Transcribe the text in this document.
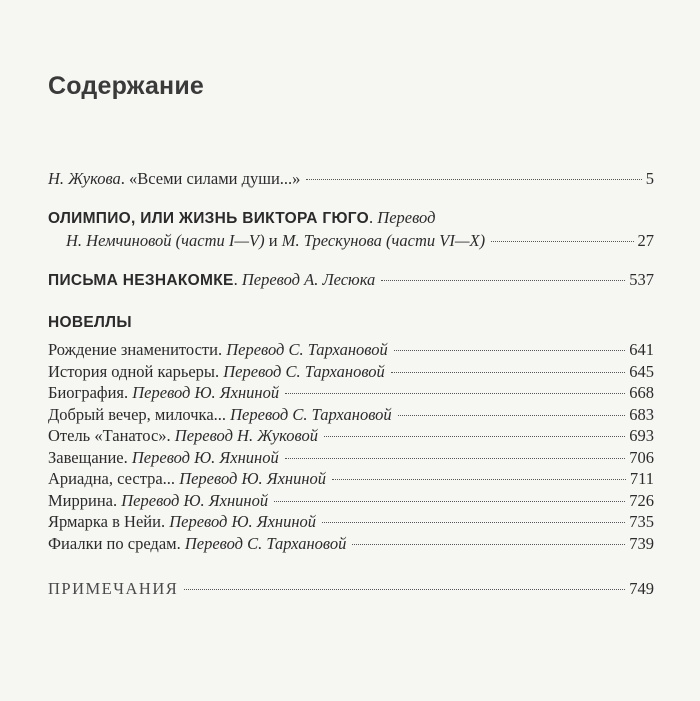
Содержание
Н. Жукова. «Всеми силами души...»	5
ОЛИМПИО, ИЛИ ЖИЗНЬ ВИКТОРА ГЮГО. Перевод
Н. Немчиновой (части I—V) и М. Трескунова (части VI—X)	27
ПИСЬМА НЕЗНАКОМКЕ. Перевод А. Лесюка	537
НОВЕЛЛЫ
Рождение знаменитости. Перевод С. Тархановой	641
История одной карьеры. Перевод С. Тархановой	645
Биография. Перевод Ю. Яхниной	668
Добрый вечер, милочка... Перевод С. Тархановой	683
Отель «Танатос». Перевод Н. Жуковой	693
Завещание. Перевод Ю. Яхниной	706
Ариадна, сестра... Перевод Ю. Яхниной	711
Миррина. Перевод Ю. Яхниной	726
Ярмарка в Нейи. Перевод Ю. Яхниной	735
Фиалки по средам. Перевод С. Тархановой	739
ПРИМЕЧАНИЯ	749
